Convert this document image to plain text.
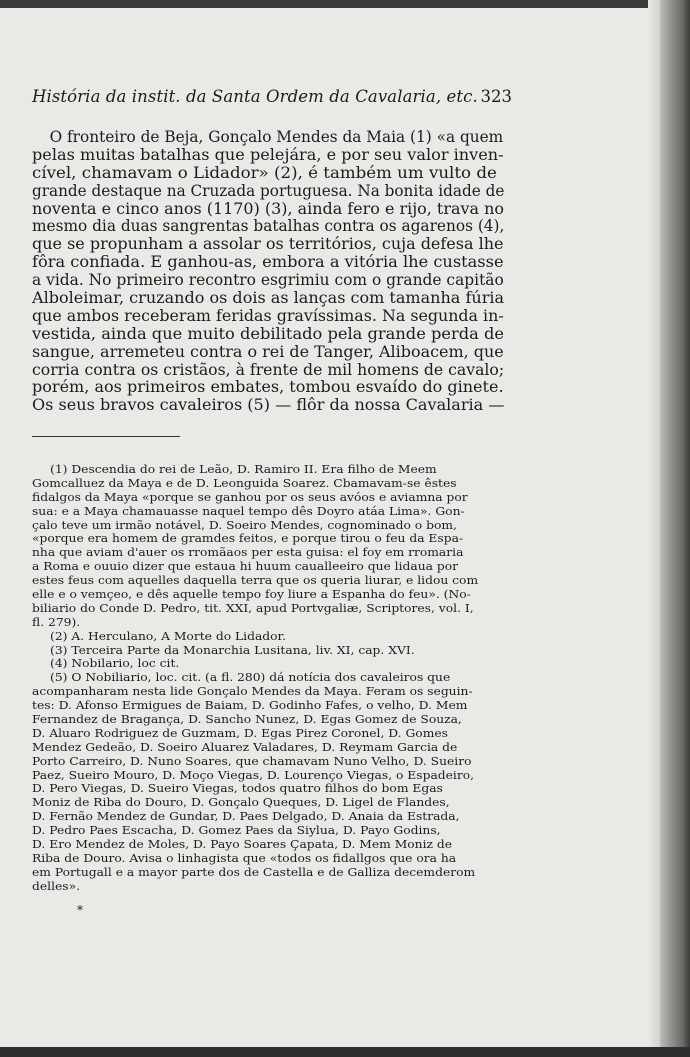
História da instit. da Santa Ordem da Cavalaria, etc. 323
O fronteiro de Beja, Gonçalo Mendes da Maia (1) «a quem
pelas muitas batalhas que pelejára, e por seu valor inven-
cível, chamavam o Lidador» (2), é também um vulto de
grande destaque na Cruzada portuguesa. Na bonita idade de
noventa e cinco anos (1170) (3), ainda fero e rijo, trava no
mesmo dia duas sangrentas batalhas contra os agarenos (4),
que se propunham a assolar os territórios, cuja defesa lhe
fôra confiada. E ganhou-as, embora a vitória lhe custasse
a vida. No primeiro recontro esgrimiu com o grande capitão
Alboleimar, cruzando os dois as lanças com tamanha fúria
que ambos receberam feridas gravíssimas. Na segunda in-
vestida, ainda que muito debilitado pela grande perda de
sangue, arremeteu contra o rei de Tanger, Aliboacem, que
corria contra os cristãos, à frente de mil homens de cavalo;
porém, aos primeiros embates, tombou esvaído do ginete.
Os seus bravos cavaleiros (5) — flôr da nossa Cavalaria —
(1) Descendia do rei de Leão, D. Ramiro II. Era filho de Meem
Gomcalluez da Maya e de D. Leonguida Soarez. Cbamavam-se êstes
fidalgos da Maya «porque se ganhou por os seus avóos e aviamna por
sua: e a Maya chamauasse naquel tempo dês Doyro atáa Lima». Gon-
çalo teve um irmão notável, D. Soeiro Mendes, cognominado o bom,
«porque era homem de gramdes feitos, e porque tirou o feu da Espa-
nha que aviam d'auer os rromãaos per esta guisa: el foy em rromaria
a Roma e ouuio dizer que estaua hi huum caualleeiro que lidaua por
estes feus com aquelles daquella terra que os queria liurar, e lidou com
elle e o vemçeo, e dês aquelle tempo foy liure a Espanha do feu». (No-
biliario do Conde D. Pedro, tit. XXI, apud Portvgaliæ, Scriptores, vol. I,
fl. 279).
(2) A. Herculano, A Morte do Lidador.
(3) Terceira Parte da Monarchia Lusitana, liv. XI, cap. XVI.
(4) Nobilario, loc cit.
(5) O Nobiliario, loc. cit. (a fl. 280) dá notícia dos cavaleiros que
acompanharam nesta lide Gonçalo Mendes da Maya. Feram os seguin-
tes: D. Afonso Ermigues de Baiam, D. Godinho Fafes, o velho, D. Mem
Fernandez de Bragança, D. Sancho Nunez, D. Egas Gomez de Souza,
D. Aluaro Rodriguez de Guzmam, D. Egas Pirez Coronel, D. Gomes
Mendez Gedeão, D. Soeiro Aluarez Valadares, D. Reymam Garcia de
Porto Carreiro, D. Nuno Soares, que chamavam Nuno Velho, D. Sueiro
Paez, Sueiro Mouro, D. Moço Viegas, D. Lourenço Viegas, o Espadeiro,
D. Pero Viegas, D. Sueiro Viegas, todos quatro filhos do bom Egas
Moniz de Riba do Douro, D. Gonçalo Queques, D. Ligel de Flandes,
D. Fernão Mendez de Gundar, D. Paes Delgado, D. Anaia da Estrada,
D. Pedro Paes Escacha, D. Gomez Paes da Siylua, D. Payo Godins,
D. Ero Mendez de Moles, D. Payo Soares Çapata, D. Mem Moniz de
Riba de Douro. Avisa o linhagista que «todos os fidallgos que ora ha
em Portugall e a mayor parte dos de Castella e de Galliza decemderom
delles».
*
